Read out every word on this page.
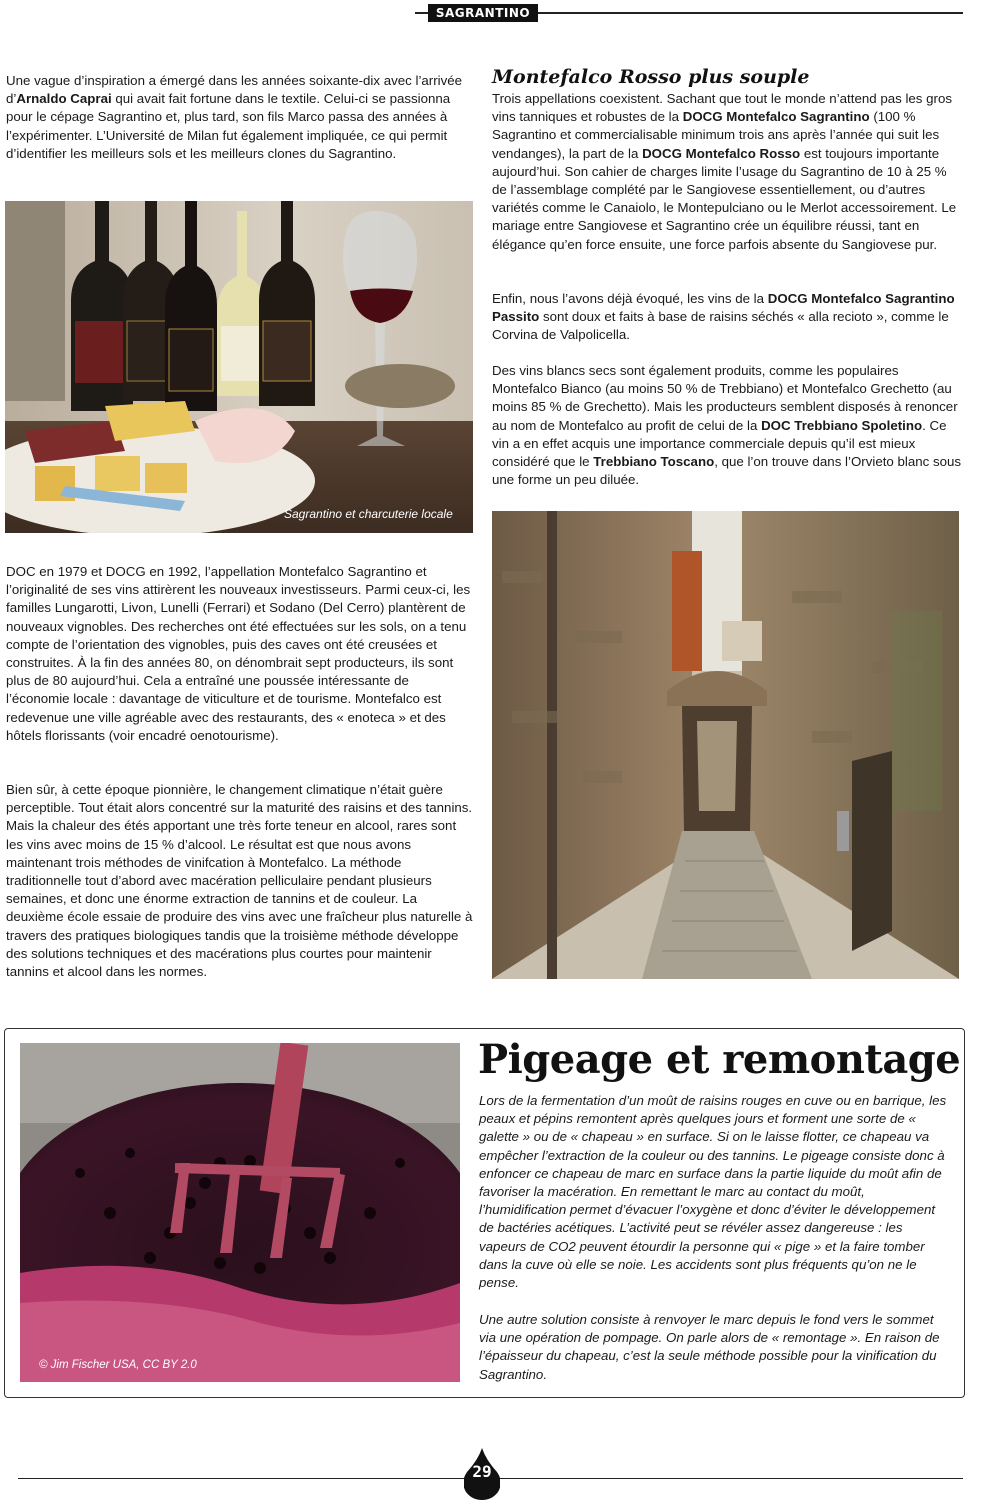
SAGRANTINO

Une vague d’inspiration a émergé dans les années soixante-dix avec l’arrivée d’Arnaldo Caprai qui avait fait fortune dans le textile. Celui-ci se passionna pour le cépage Sagrantino et, plus tard, son fils Marco passa des années à l’expérimenter. L’Université de Milan fut également impliquée, ce qui permit d’identifier les meilleurs sols et les meilleurs clones du Sagrantino.

Sagrantino et charcuterie locale
Montefalco Rosso plus souple

Trois appellations coexistent. Sachant que tout le monde n’attend pas les gros vins tanniques et robustes de la DOCG Montefalco Sagrantino (100 % Sagrantino et commercialisable minimum trois ans après l’année qui suit les vendanges), la part de la DOCG Montefalco Rosso est toujours importante aujourd’hui. Son cahier de charges limite l’usage du Sagrantino de 10 à 25 % de l’assemblage complété par le Sangiovese essentiellement, ou d’autres variétés comme le Canaiolo, le Montepulciano ou le Merlot accessoirement. Le mariage entre Sangiovese et Sagrantino crée un équilibre réussi, tant en élégance qu’en force ensuite, une force parfois absente du Sangiovese pur.

Enfin, nous l’avons déjà évoqué, les vins de la DOCG Montefalco Sagrantino Passito sont doux et faits à base de raisins séchés « alla recioto », comme le Corvina de Valpolicella.

Des vins blancs secs sont également produits, comme les populaires Montefalco Bianco (au moins 50 % de Trebbiano) et Montefalco Grechetto (au moins 85 % de Grechetto). Mais les producteurs semblent disposés à renoncer au nom de Montefalco au profit de celui de la DOC Trebbiano Spoletino. Ce vin a en effet acquis une importance commerciale depuis qu’il est mieux considéré que le Trebbiano Toscano, que l’on trouve dans l’Orvieto blanc sous une forme un peu diluée.

DOC en 1979 et DOCG en 1992, l’appellation Montefalco Sagrantino et l’originalité de ses vins attirèrent les nouveaux investisseurs. Parmi ceux-ci, les familles Lungarotti, Livon, Lunelli (Ferrari) et Sodano (Del Cerro) plantèrent de nouveaux vignobles. Des recherches ont été effectuées sur les sols, on a tenu compte de l’orientation des vignobles, puis des caves ont été creusées et construites. À la fin des années 80, on dénombrait sept producteurs, ils sont plus de 80 aujourd’hui. Cela a entraîné une poussée intéressante de l’économie locale : davantage de viticulture et de tourisme. Montefalco est redevenue une ville agréable avec des restaurants, des « enoteca » et des hôtels florissants (voir encadré oenotourisme).

Bien sûr, à cette époque pionnière, le changement climatique n’était guère perceptible. Tout était alors concentré sur la maturité des raisins et des tannins. Mais la chaleur des étés apportant une très forte teneur en alcool, rares sont les vins avec moins de 15 % d’alcool. Le résultat est que nous avons maintenant trois méthodes de vinifcation à Montefalco. La méthode traditionnelle tout d’abord avec macération pelliculaire pendant plusieurs semaines, et donc une énorme extraction de tannins et de couleur. La deuxième école essaie de produire des vins avec une fraîcheur plus naturelle à travers des pratiques biologiques tandis que la troisième méthode développe des solutions techniques et des macérations plus courtes pour maintenir tannins et alcool dans les normes.

© Jim Fischer USA, CC BY 2.0
Pigeage et remontage

Lors de la fermentation d’un moût de raisins rouges en cuve ou en barrique, les peaux et pépins remontent après quelques jours et forment une sorte de « galette » ou de « chapeau » en surface. Si on le laisse flotter, ce chapeau va empêcher l’extraction de la couleur ou des tannins. Le pigeage consiste donc à enfoncer ce chapeau de marc en surface dans la partie liquide du moût afin de favoriser la macération. En remettant le marc au contact du moût, l’humidification permet d’évacuer l’oxygène et donc d’éviter le développement de bactéries acétiques. L’activité peut se révéler assez dangereuse : les vapeurs de CO2 peuvent étourdir la personne qui « pige » et la faire tomber dans la cuve où elle se noie. Les accidents sont plus fréquents qu’on ne le pense.

Une autre solution consiste à renvoyer le marc depuis le fond vers le sommet via une opération de pompage. On parle alors de « remontage ». En raison de l’épaisseur du chapeau, c’est la seule méthode possible pour la vinification du Sagrantino.

29
